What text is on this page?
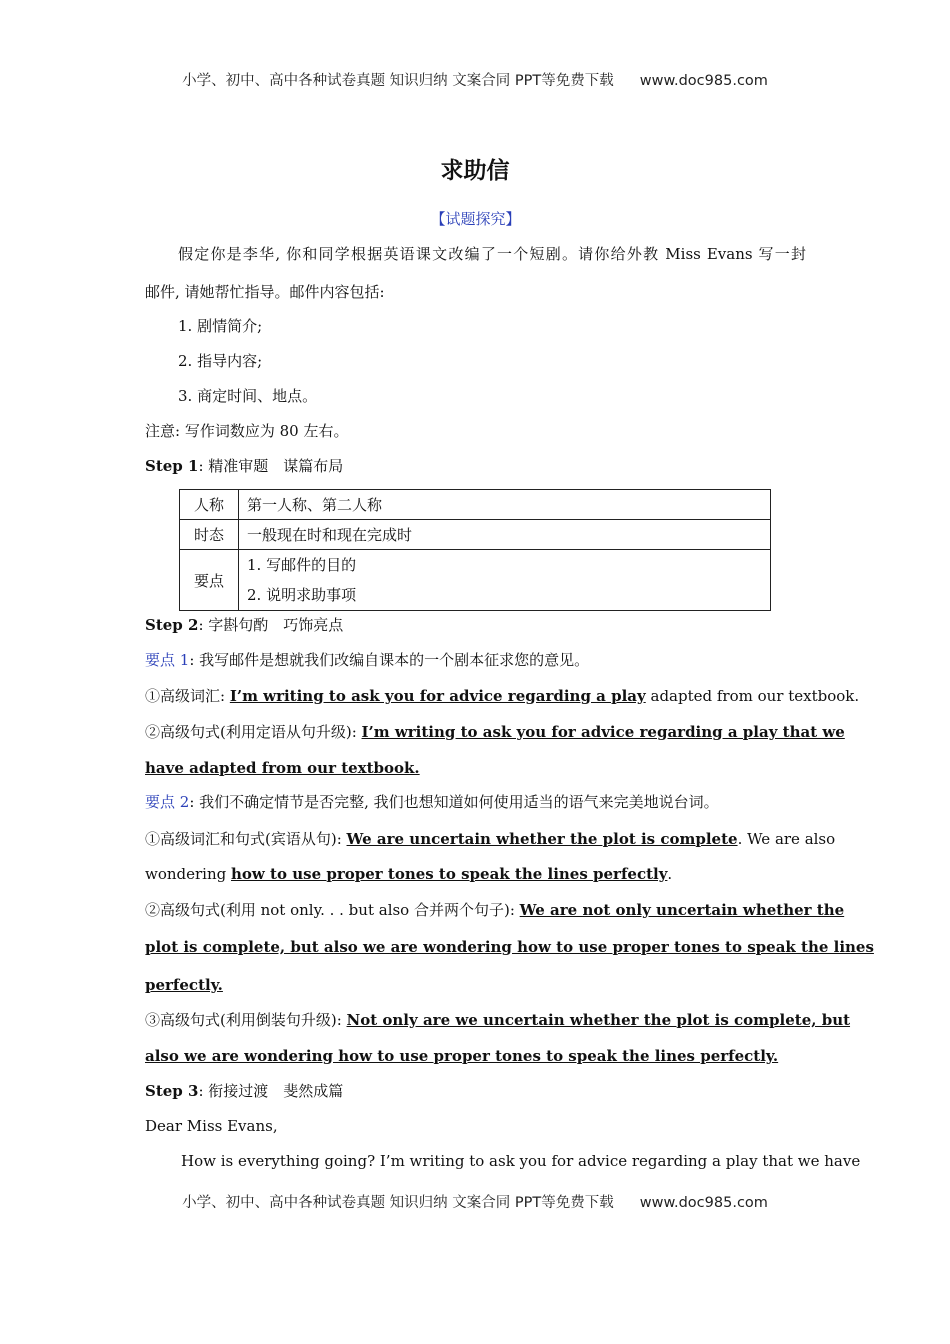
小学、初中、高中各种试卷真题 知识归纳 文案合同 PPT等免费下载 www.doc985.com
求助信
【试题探究】
假定你是李华, 你和同学根据英语课文改编了一个短剧。请你给外教 Miss Evans 写一封
邮件, 请她帮忙指导。邮件内容包括:
1. 剧情简介;
2. 指导内容;
3. 商定时间、地点。
注意: 写作词数应为 80 左右。
Step 1: 精准审题　谋篇布局
人称	第一人称、第二人称
时态	一般现在时和现在完成时
要点	1. 写邮件的目的
2. 说明求助事项
Step 2: 字斟句酌　巧饰亮点
要点 1: 我写邮件是想就我们改编自课本的一个剧本征求您的意见。
①高级词汇: I’m writing to ask you for advice regarding a play adapted from our textbook.
②高级句式(利用定语从句升级): I’m writing to ask you for advice regarding a play that we
have adapted from our textbook.
要点 2: 我们不确定情节是否完整, 我们也想知道如何使用适当的语气来完美地说台词。
①高级词汇和句式(宾语从句): We are uncertain whether the plot is complete. We are also
wondering how to use proper tones to speak the lines perfectly.
②高级句式(利用 not only. . . but also 合并两个句子): We are not only uncertain whether the
plot is complete, but also we are wondering how to use proper tones to speak the lines
perfectly.
③高级句式(利用倒装句升级): Not only are we uncertain whether the plot is complete, but
also we are wondering how to use proper tones to speak the lines perfectly.
Step 3: 衔接过渡　斐然成篇
Dear Miss Evans,
How is everything going? I’m writing to ask you for advice regarding a play that we have
小学、初中、高中各种试卷真题 知识归纳 文案合同 PPT等免费下载 www.doc985.com
